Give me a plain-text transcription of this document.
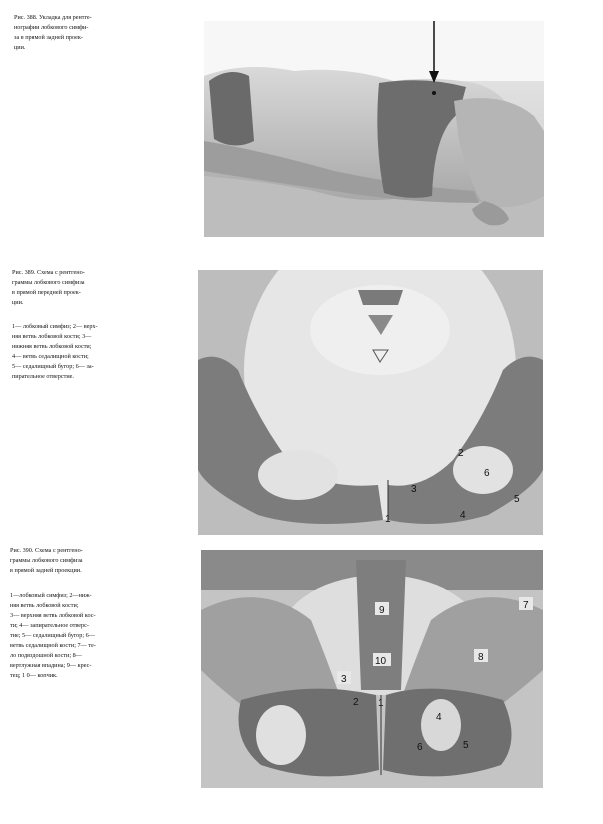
Рис. 388. Укладка для рентге-
нографии лобкового симфи-
за в прямой задней проек-
ции.
Рис. 389. Схема с рентгено-
граммы лобкового симфиза
в прямой передней проек-
ции.
1— лобковый симфиз; 2— верх-
няя ветвь лобковой кости; 3—
нижняя ветвь лобковой кости;
4— ветвь седалищной кости;
5— седалищный бугор; 6— за-
пирательное отверстие.
1
2
3
4
5
6
Рис. 390. Схема с рентгено-
граммы лобкового симфиза
в прямой задней проекции.
1—лобковый симфиз; 2—ниж-
няя ветвь лобковой кости;
3— верхняя ветвь лобковой кос-
ти; 4— запирательное отверс-
тие; 5— седалищный бугор; 6—
ветвь седалищной кости; 7— те-
ло подвздошной кости; 8—
вертлужная впадина; 9— крес-
тец; 1 0— копчик.
1
2
3
4
5
6
7
8
9
10
